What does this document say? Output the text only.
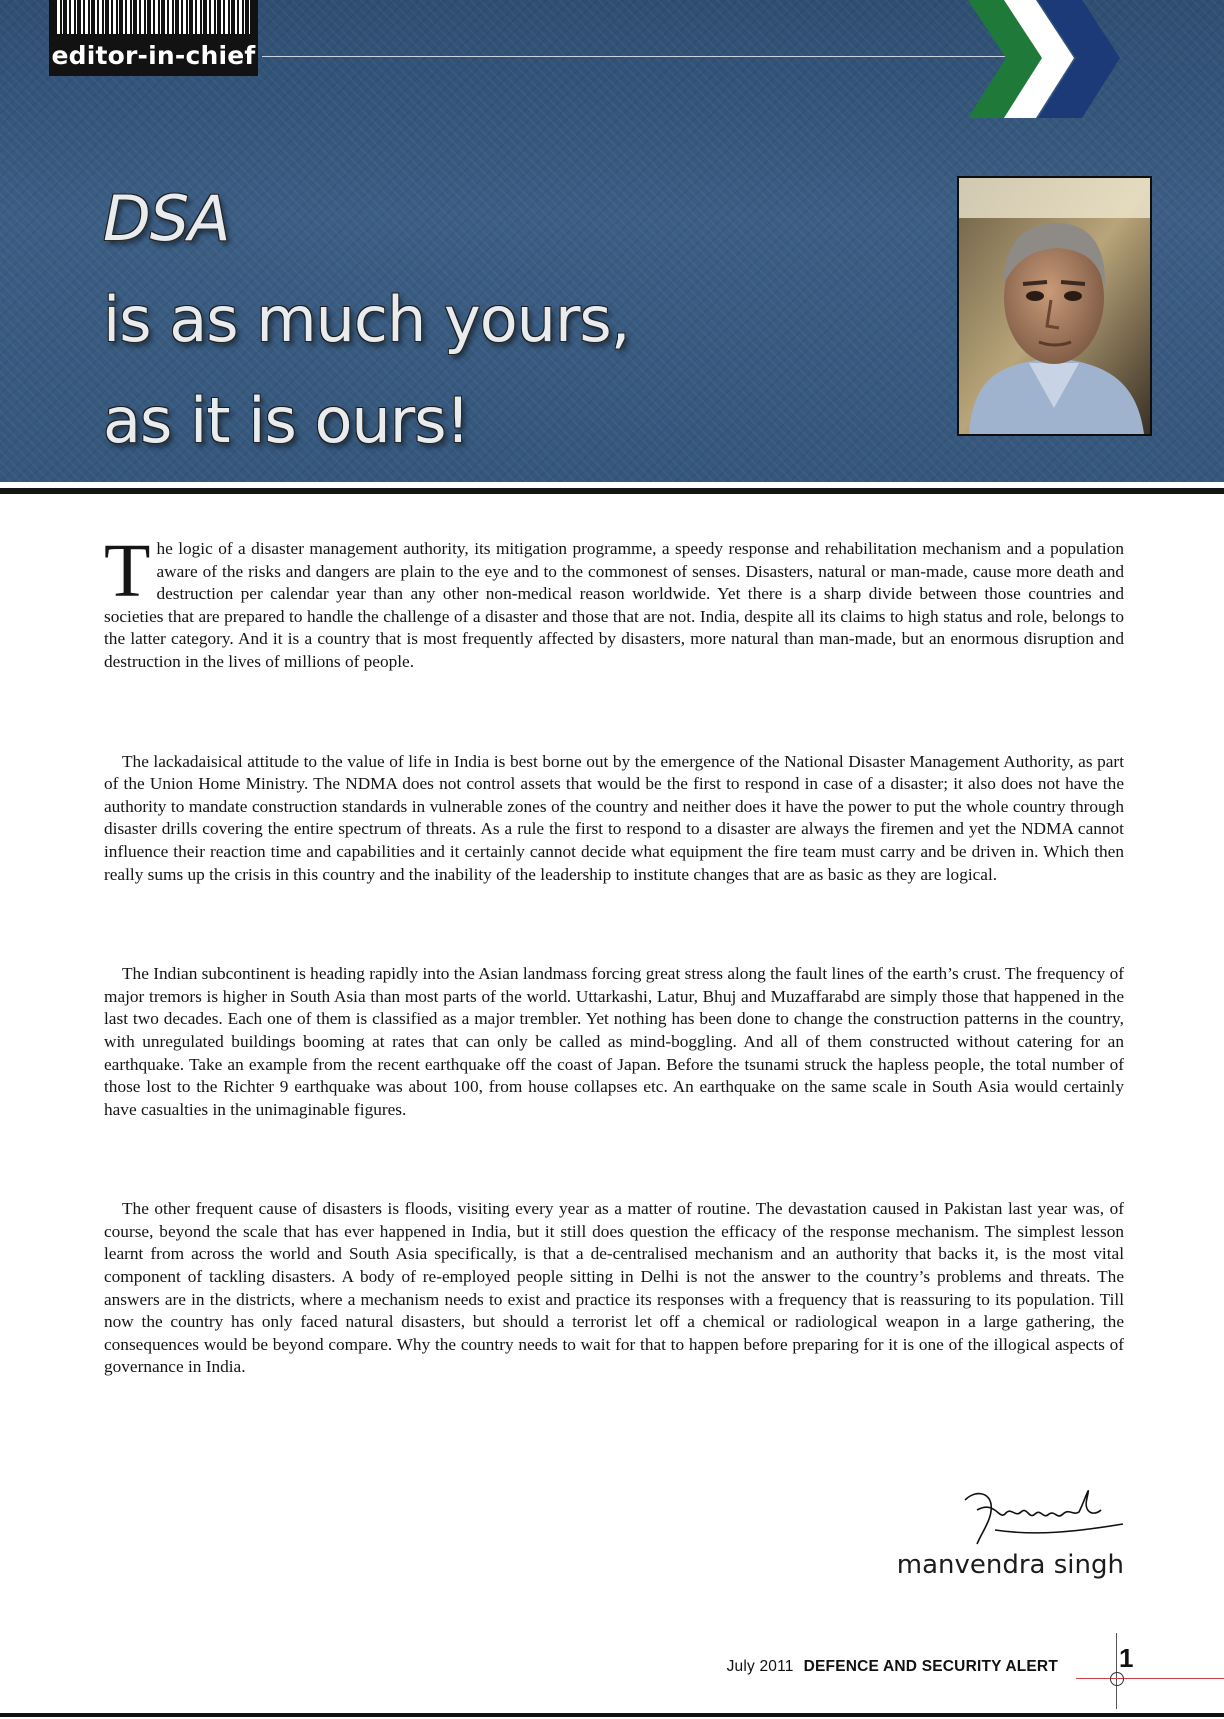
editor-in-chief
DSA
is as much yours,
as it is ours!

The logic of a disaster management authority, its mitigation programme, a speedy response and rehabilitation mechanism and a population aware of the risks and dangers are plain to the eye and to the commonest of senses. Disasters, natural or man-made, cause more death and destruction per calendar year than any other non-medical reason worldwide. Yet there is a sharp divide between those countries and societies that are prepared to handle the challenge of a disaster and those that are not. India, despite all its claims to high status and role, belongs to the latter category. And it is a country that is most frequently affected by disasters, more natural than man-made, but an enormous disruption and destruction in the lives of millions of people.

The lackadaisical attitude to the value of life in India is best borne out by the emergence of the National Disaster Management Authority, as part of the Union Home Ministry. The NDMA does not control assets that would be the first to respond in case of a disaster; it also does not have the authority to mandate construction standards in vulnerable zones of the country and neither does it have the power to put the whole country through disaster drills covering the entire spectrum of threats. As a rule the first to respond to a disaster are always the firemen and yet the NDMA cannot influence their reaction time and capabilities and it certainly cannot decide what equipment the fire team must carry and be driven in. Which then really sums up the crisis in this country and the inability of the leadership to institute changes that are as basic as they are logical.

The Indian subcontinent is heading rapidly into the Asian landmass forcing great stress along the fault lines of the earth’s crust. The frequency of major tremors is higher in South Asia than most parts of the world. Uttarkashi, Latur, Bhuj and Muzaffarabd are simply those that happened in the last two decades. Each one of them is classified as a major trembler. Yet nothing has been done to change the construction patterns in the country, with unregulated buildings booming at rates that can only be called as mind-boggling. And all of them constructed without catering for an earthquake. Take an example from the recent earthquake off the coast of Japan. Before the tsunami struck the hapless people, the total number of those lost to the Richter 9 earthquake was about 100, from house collapses etc. An earthquake on the same scale in South Asia would certainly have casualties in the unimaginable figures.

The other frequent cause of disasters is floods, visiting every year as a matter of routine. The devastation caused in Pakistan last year was, of course, beyond the scale that has ever happened in India, but it still does question the efficacy of the response mechanism. The simplest lesson learnt from across the world and South Asia specifically, is that a de-centralised mechanism and an authority that backs it, is the most vital component of tackling disasters. A body of re-employed people sitting in Delhi is not the answer to the country’s problems and threats. The answers are in the districts, where a mechanism needs to exist and practice its responses with a frequency that is reassuring to its population. Till now the country has only faced natural disasters, but should a terrorist let off a chemical or radiological weapon in a large gathering, the consequences would be beyond compare. Why the country needs to wait for that to happen before preparing for it is one of the illogical aspects of governance in India.

manvendra singh
July 2011 DEFENCE AND SECURITY ALERT 1
